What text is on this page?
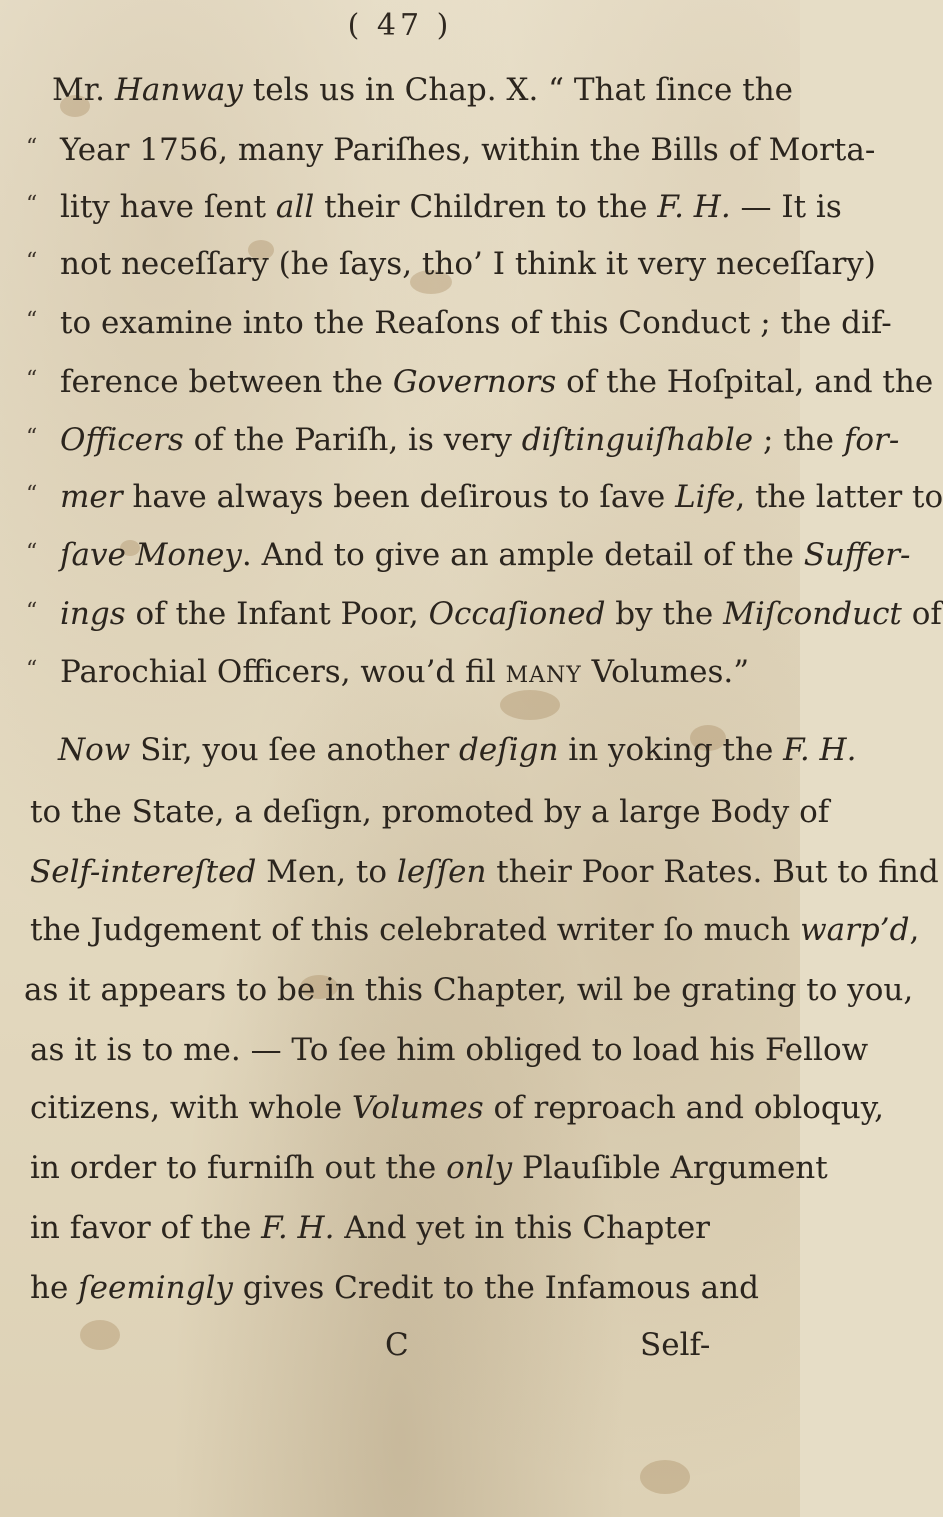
( 47 )
Mr. Hanway tels us in Chap. X. “ That ſince the
“ Year 1756, many Pariſhes, within the Bills of Morta-
“ lity have ſent all their Children to the F. H. — It is
“ not neceſſary (he ſays, tho’ I think it very neceſſary)
“ to examine into the Reaſons of this Conduct ; the dif-
“ ference between the Governors of the Hoſpital, and the
“ Officers of the Pariſh, is very diſtinguiſhable ; the for-
“ mer have always been deſirous to ſave Life, the latter to
“ ſave Money. And to give an ample detail of the Suffer-
“ ings of the Infant Poor, Occaſioned by the Miſconduct of
“ Parochial Officers, wou’d fil many Volumes.”
Now Sir, you ſee another deſign in yoking the F. H.
to the State, a deſign, promoted by a large Body of
Self-intereſted Men, to leſſen their Poor Rates. But to find
the Judgement of this celebrated writer ſo much warp’d,
as it appears to be in this Chapter, wil be grating to you,
as it is to me. — To ſee him obliged to load his Fellow
citizens, with whole Volumes of reproach and obloquy,
in order to furniſh out the only Plauſible Argument
in favor of the F. H. And yet in this Chapter
he ſeemingly gives Credit to the Infamous and
C	Self-
